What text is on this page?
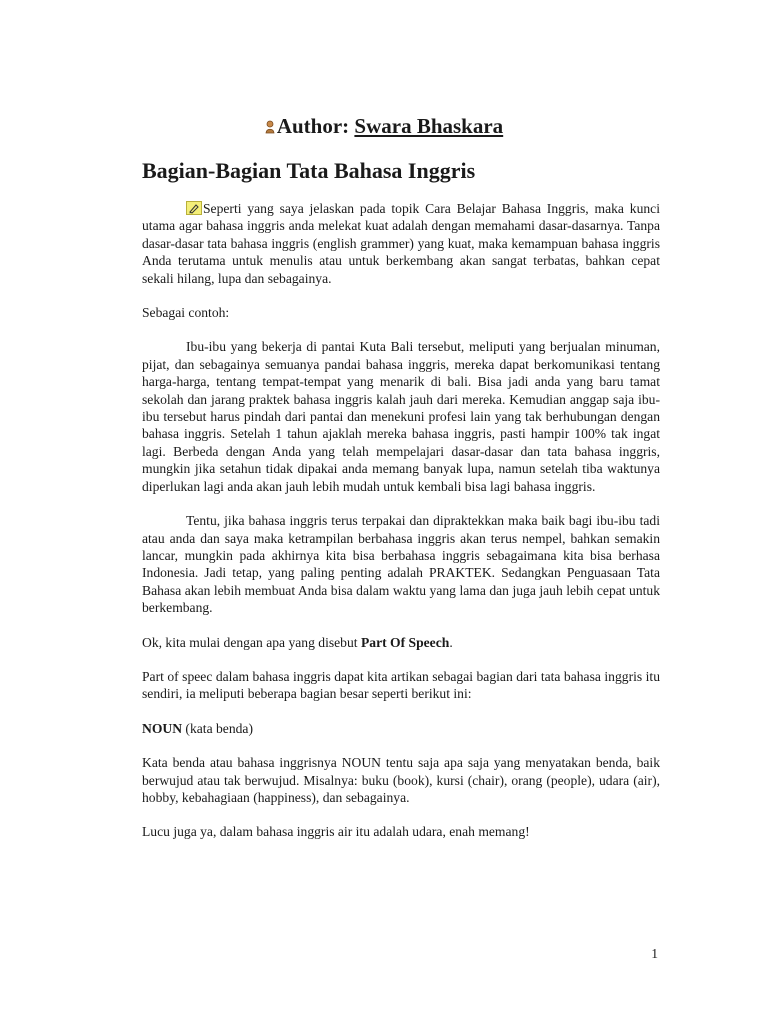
Author: Swara Bhaskara
Bagian-Bagian Tata Bahasa Inggris

Seperti yang saya jelaskan pada topik Cara Belajar Bahasa Inggris, maka kunci utama agar bahasa inggris anda melekat kuat adalah dengan memahami dasar-dasarnya. Tanpa dasar-dasar tata bahasa inggris (english grammer) yang kuat, maka kemampuan bahasa inggris Anda terutama untuk menulis atau untuk berkembang akan sangat terbatas, bahkan cepat sekali hilang, lupa dan sebagainya.

Sebagai contoh:

Ibu-ibu yang bekerja di pantai Kuta Bali tersebut, meliputi yang berjualan minuman, pijat, dan sebagainya semuanya pandai bahasa inggris, mereka dapat berkomunikasi tentang harga-harga, tentang tempat-tempat yang menarik di bali. Bisa jadi anda yang baru tamat sekolah dan jarang praktek bahasa inggris kalah jauh dari mereka. Kemudian anggap saja ibu-ibu tersebut harus pindah dari pantai dan menekuni profesi lain yang tak berhubungan dengan bahasa inggris. Setelah 1 tahun ajaklah mereka bahasa inggris, pasti hampir 100% tak ingat lagi. Berbeda dengan Anda yang telah mempelajari dasar-dasar dan tata bahasa inggris, mungkin jika setahun tidak dipakai anda memang banyak lupa, namun setelah tiba waktunya diperlukan lagi anda akan jauh lebih mudah untuk kembali bisa lagi bahasa inggris.

Tentu, jika bahasa inggris terus terpakai dan dipraktekkan maka baik bagi ibu-ibu tadi atau anda dan saya maka ketrampilan berbahasa inggris akan terus nempel, bahkan semakin lancar, mungkin pada akhirnya kita bisa berbahasa inggris sebagaimana kita bisa berhasa Indonesia. Jadi tetap, yang paling penting adalah PRAKTEK. Sedangkan Penguasaan Tata Bahasa akan lebih membuat Anda bisa dalam waktu yang lama dan juga jauh lebih cepat untuk berkembang.

Ok, kita mulai dengan apa yang disebut Part Of Speech.

Part of speec dalam bahasa inggris dapat kita artikan sebagai bagian dari tata bahasa inggris itu sendiri, ia meliputi beberapa bagian besar seperti berikut ini:

NOUN (kata benda)

Kata benda atau bahasa inggrisnya NOUN tentu saja apa saja yang menyatakan benda, baik berwujud atau tak berwujud. Misalnya: buku (book), kursi (chair), orang (people), udara (air), hobby, kebahagiaan (happiness), dan sebagainya.

Lucu juga ya, dalam bahasa inggris air itu adalah udara, enah memang!

1
